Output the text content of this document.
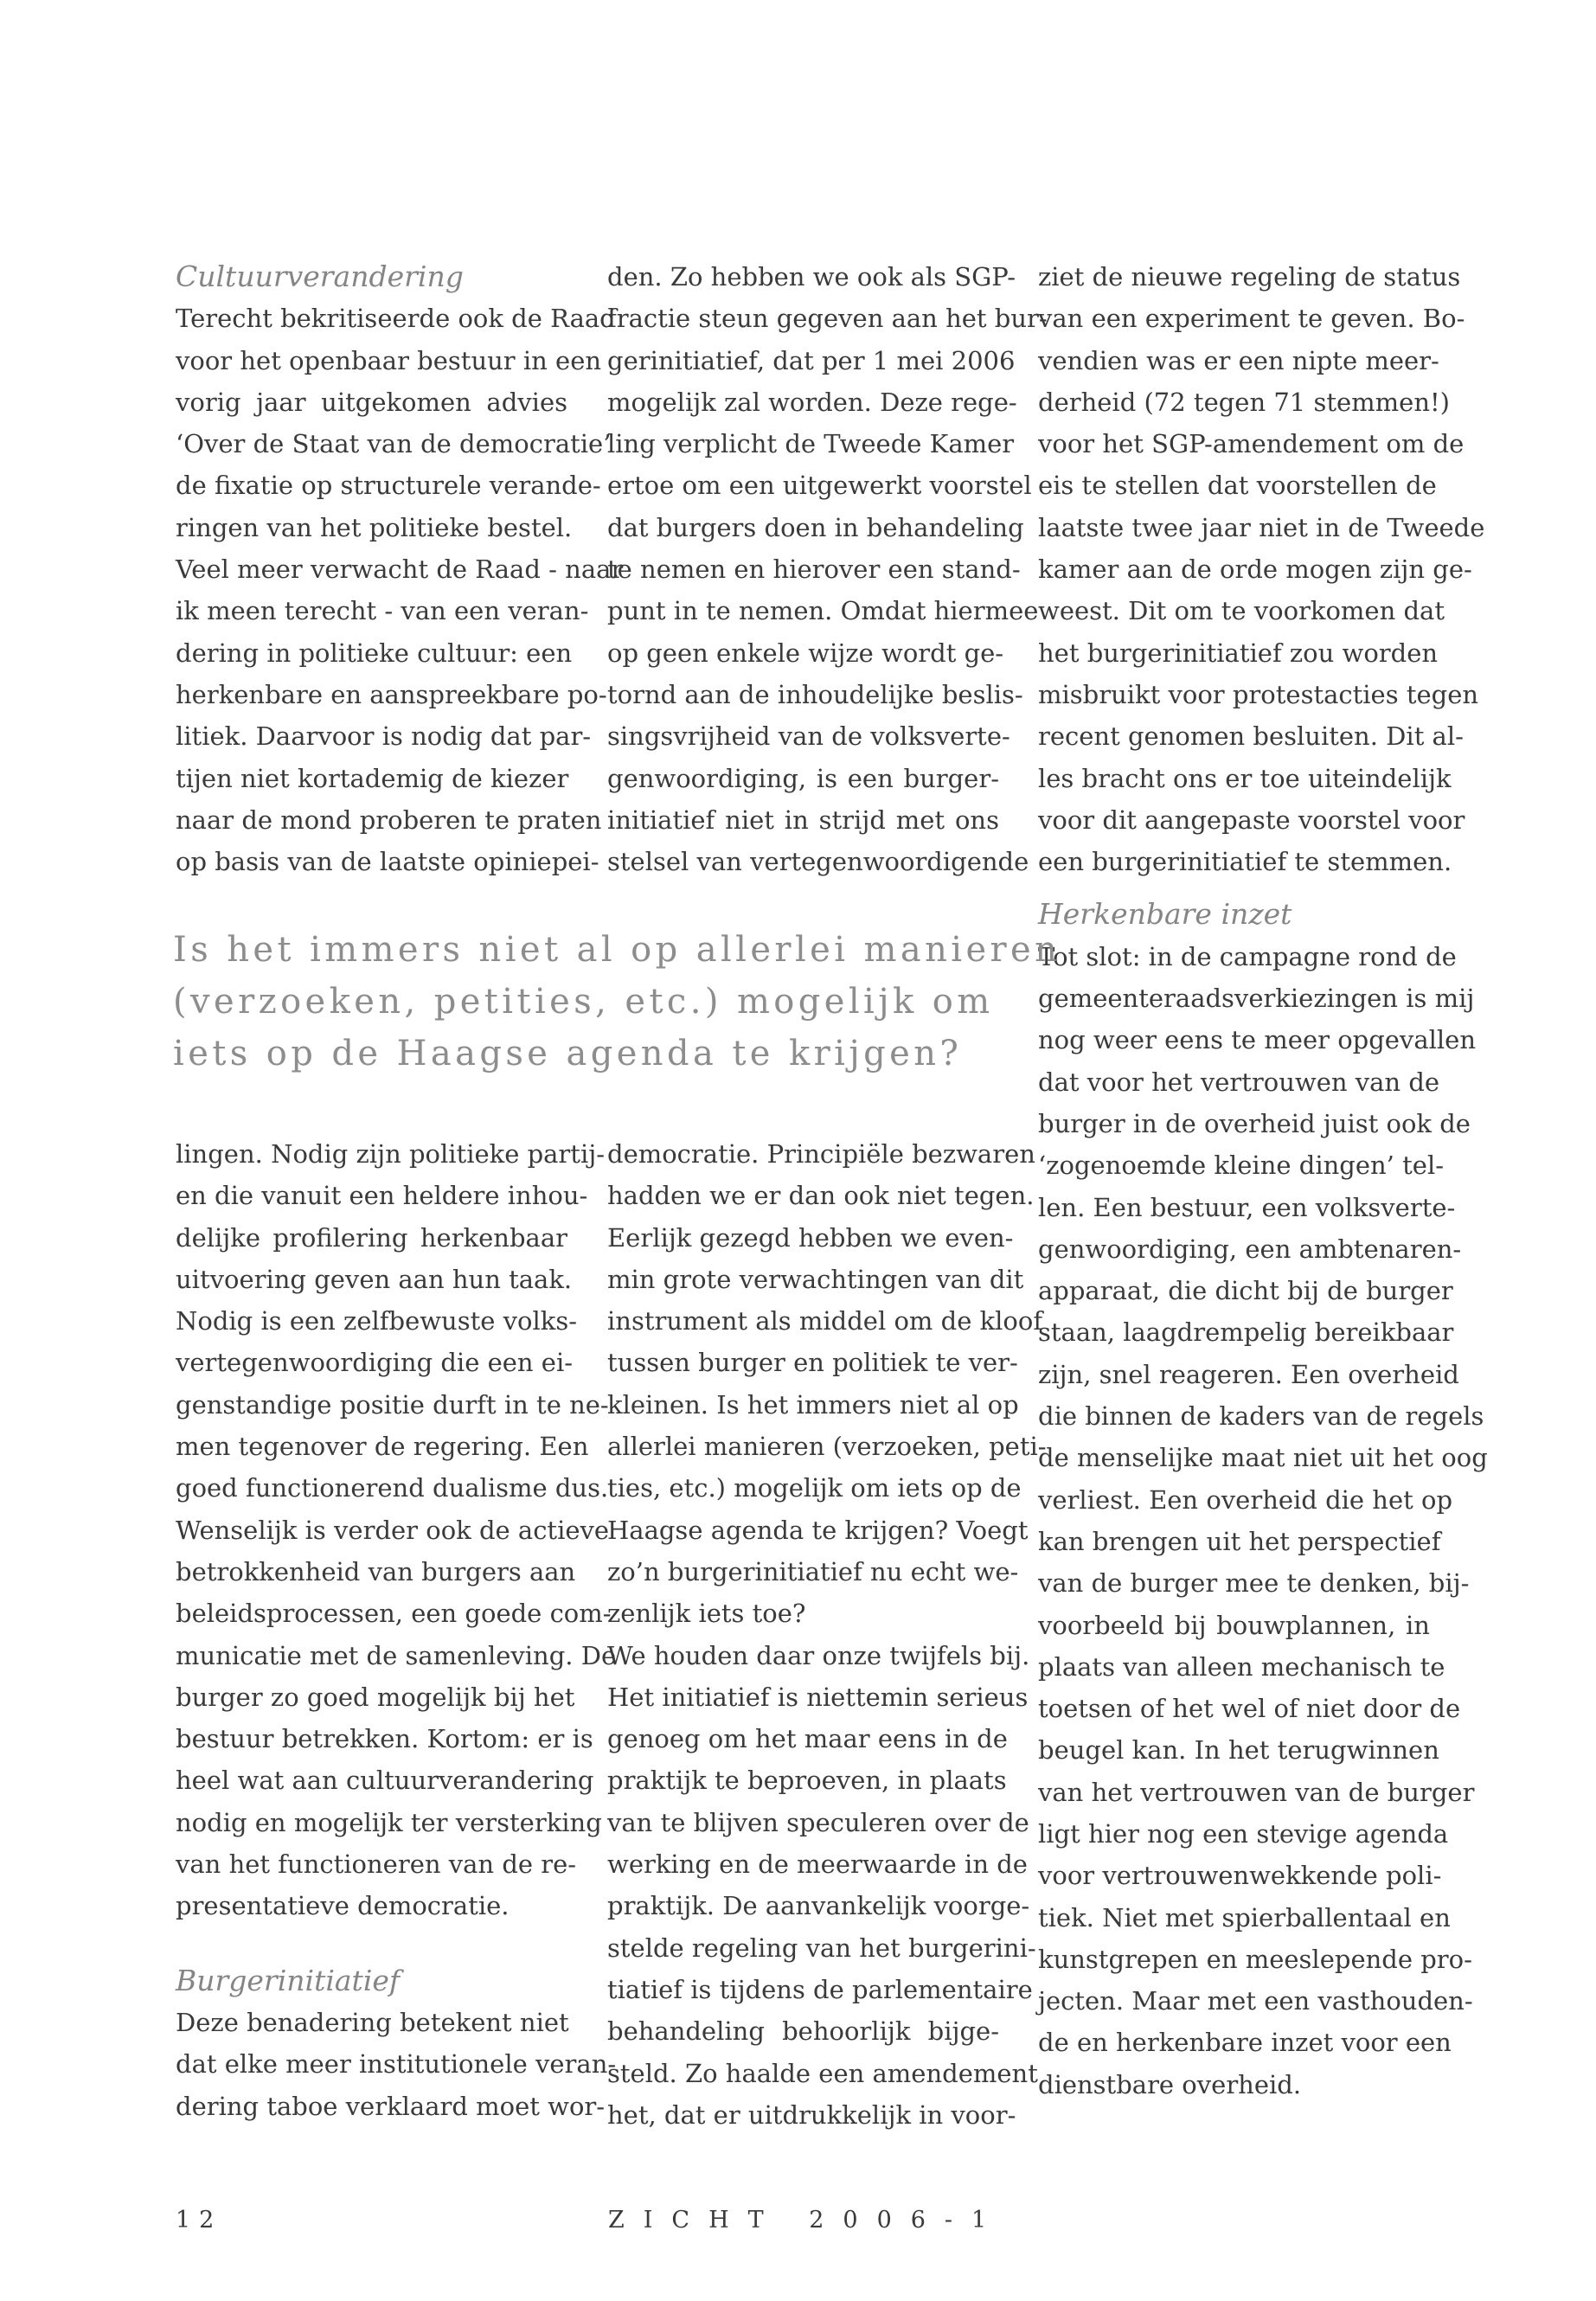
Cultuurverandering
Terecht bekritiseerde ook de Raad
voor het openbaar bestuur in een
vorig jaar uitgekomen advies
‘Over de Staat van de democratie’
de fixatie op structurele verande-
ringen van het politieke bestel.
Veel meer verwacht de Raad - naar
ik meen terecht - van een veran-
dering in politieke cultuur: een
herkenbare en aanspreekbare po-
litiek. Daarvoor is nodig dat par-
tijen niet kortademig de kiezer
naar de mond proberen te praten
op basis van de laatste opiniepei-
den. Zo hebben we ook als SGP-
fractie steun gegeven aan het bur-
gerinitiatief, dat per 1 mei 2006
mogelijk zal worden. Deze rege-
ling verplicht de Tweede Kamer
ertoe om een uitgewerkt voorstel
dat burgers doen in behandeling
te nemen en hierover een stand-
punt in te nemen. Omdat hiermee
op geen enkele wijze wordt ge-
tornd aan de inhoudelijke beslis-
singsvrijheid van de volksverte-
genwoordiging, is een burger-
initiatief niet in strijd met ons
stelsel van vertegenwoordigende
ziet de nieuwe regeling de status
van een experiment te geven. Bo-
vendien was er een nipte meer-
derheid (72 tegen 71 stemmen!)
voor het SGP-amendement om de
eis te stellen dat voorstellen de
laatste twee jaar niet in de Tweede
kamer aan de orde mogen zijn ge-
weest. Dit om te voorkomen dat
het burgerinitiatief zou worden
misbruikt voor protestacties tegen
recent genomen besluiten. Dit al-
les bracht ons er toe uiteindelijk
voor dit aangepaste voorstel voor
een burgerinitiatief te stemmen.
Herkenbare inzet
Tot slot: in de campagne rond de
gemeenteraadsverkiezingen is mij
nog weer eens te meer opgevallen
dat voor het vertrouwen van de
burger in de overheid juist ook de
‘zogenoemde kleine dingen’ tel-
len. Een bestuur, een volksverte-
genwoordiging, een ambtenaren-
apparaat, die dicht bij de burger
staan, laagdrempelig bereikbaar
zijn, snel reageren. Een overheid
die binnen de kaders van de regels
de menselijke maat niet uit het oog
verliest. Een overheid die het op
kan brengen uit het perspectief
van de burger mee te denken, bij-
voorbeeld bij bouwplannen, in
plaats van alleen mechanisch te
toetsen of het wel of niet door de
beugel kan. In het terugwinnen
van het vertrouwen van de burger
ligt hier nog een stevige agenda
voor vertrouwenwekkende poli-
tiek. Niet met spierballentaal en
kunstgrepen en meeslepende pro-
jecten. Maar met een vasthouden-
de en herkenbare inzet voor een
dienstbare overheid.
Is het immers niet al op allerlei manieren
(verzoeken, petities, etc.) mogelijk om
iets op de Haagse agenda te krijgen?
lingen. Nodig zijn politieke partij-
en die vanuit een heldere inhou-
delijke profilering herkenbaar
uitvoering geven aan hun taak.
Nodig is een zelfbewuste volks-
vertegenwoordiging die een ei-
genstandige positie durft in te ne-
men tegenover de regering. Een
goed functionerend dualisme dus.
Wenselijk is verder ook de actieve
betrokkenheid van burgers aan
beleidsprocessen, een goede com-
municatie met de samenleving. De
burger zo goed mogelijk bij het
bestuur betrekken. Kortom: er is
heel wat aan cultuurverandering
nodig en mogelijk ter versterking
van het functioneren van de re-
presentatieve democratie.
Burgerinitiatief
Deze benadering betekent niet
dat elke meer institutionele veran-
dering taboe verklaard moet wor-
democratie. Principiële bezwaren
hadden we er dan ook niet tegen.
Eerlijk gezegd hebben we even-
min grote verwachtingen van dit
instrument als middel om de kloof
tussen burger en politiek te ver-
kleinen. Is het immers niet al op
allerlei manieren (verzoeken, peti-
ties, etc.) mogelijk om iets op de
Haagse agenda te krijgen? Voegt
zo’n burgerinitiatief nu echt we-
zenlijk iets toe?
We houden daar onze twijfels bij.
Het initiatief is niettemin serieus
genoeg om het maar eens in de
praktijk te beproeven, in plaats
van te blijven speculeren over de
werking en de meerwaarde in de
praktijk. De aanvankelijk voorge-
stelde regeling van het burgerini-
tiatief is tijdens de parlementaire
behandeling behoorlijk bijge-
steld. Zo haalde een amendement
het, dat er uitdrukkelijk in voor-
12	ZICHT 2006-1
